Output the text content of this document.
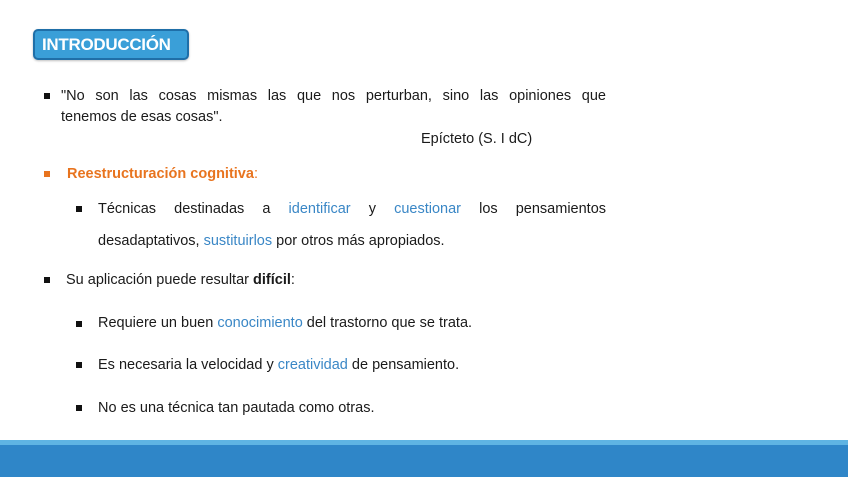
INTRODUCCIÓN
"No son las cosas mismas las que nos perturban, sino las opiniones que
tenemos de esas cosas".
Epícteto (S. I dC)
Reestructuración cognitiva:
Técnicas destinadas a identificar y cuestionar los pensamientos
desadaptativos, sustituirlos por otros más apropiados.
Su aplicación puede resultar difícil:
Requiere un buen conocimiento del trastorno que se trata.
Es necesaria la velocidad y creatividad de pensamiento.
No es una técnica tan pautada como otras.
